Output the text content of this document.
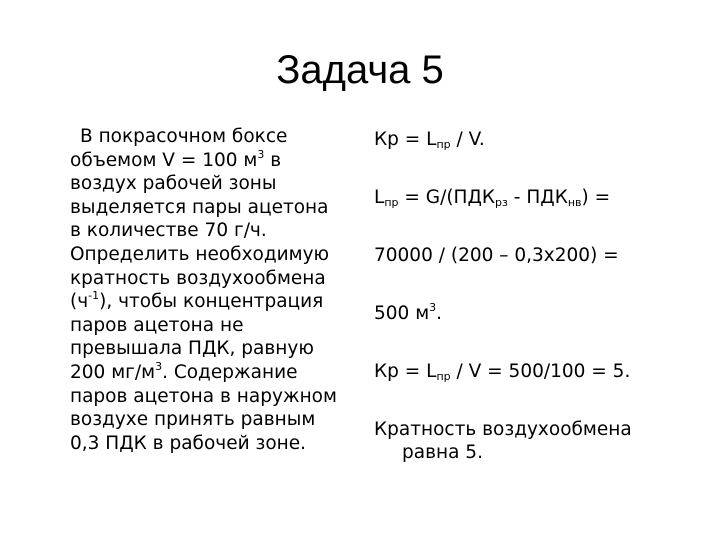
Задача 5
В покрасочном боксе
объемом V = 100 $м^3$ в
воздух рабочей зоны
выделяется пары ацетона
в количестве 70 г/ч.
Определить необходимую
кратность воздухообмена
$(ч^{-1})$, чтобы концентрация
паров ацетона не
превышала ПДК, равную
200 $мг/м^3$. Содержание
паров ацетона в наружном
воздухе принять равным
0,3 ПДК в рабочей зоне.
Кр = $L_{пр}$ / V.
$L_{пр} = G/(ПДК_{рз} - ПДК_{нв})$ =
70000 / (200 – 0,3х200) =
500 $м^3$.
Кр = $L_{пр} / V = 500/100 = 5$.
Кратность воздухообмена
равна 5.
